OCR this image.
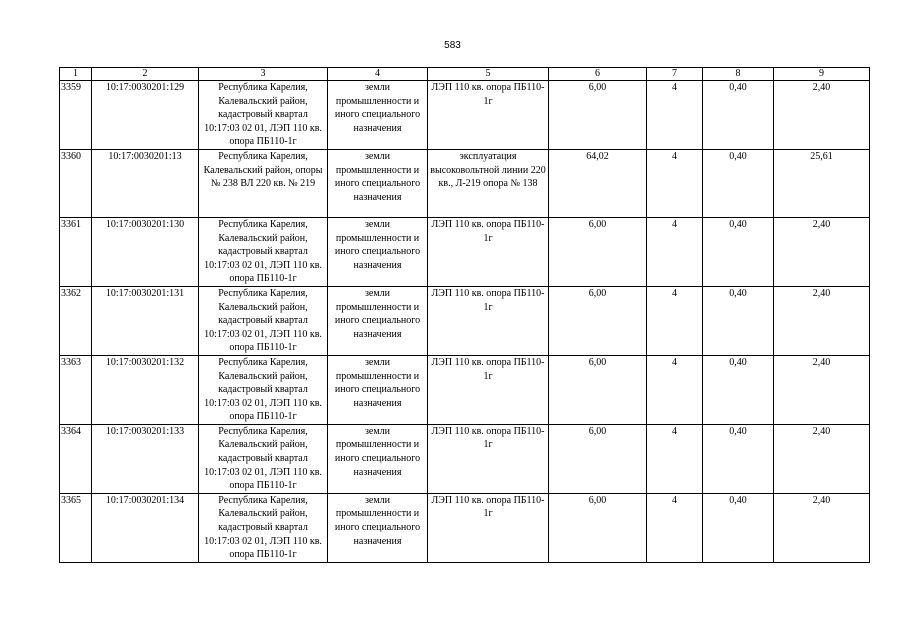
583
1	2	3	4	5	6	7	8	9
3359	10:17:0030201:129	Республика Карелия, Калевальский район, кадастровый квартал 10:17:03 02 01, ЛЭП 110 кв. опора ПБ110-1г	земли промышленности и иного специального назначения	ЛЭП 110 кв. опора ПБ110-1г	6,00	4	0,40	2,40
3360	10:17:0030201:13	Республика Карелия, Калевальский район, опоры № 238 ВЛ 220 кв. № 219	земли промышленности и иного специального назначения	эксплуатация высоковольтной линии 220 кв., Л-219 опора № 138	64,02	4	0,40	25,61
3361	10:17:0030201:130	Республика Карелия, Калевальский район, кадастровый квартал 10:17:03 02 01, ЛЭП 110 кв. опора ПБ110-1г	земли промышленности и иного специального назначения	ЛЭП 110 кв. опора ПБ110-1г	6,00	4	0,40	2,40
3362	10:17:0030201:131	Республика Карелия, Калевальский район, кадастровый квартал 10:17:03 02 01, ЛЭП 110 кв. опора ПБ110-1г	земли промышленности и иного специального назначения	ЛЭП 110 кв. опора ПБ110-1г	6,00	4	0,40	2,40
3363	10:17:0030201:132	Республика Карелия, Калевальский район, кадастровый квартал 10:17:03 02 01, ЛЭП 110 кв. опора ПБ110-1г	земли промышленности и иного специального назначения	ЛЭП 110 кв. опора ПБ110-1г	6,00	4	0,40	2,40
3364	10:17:0030201:133	Республика Карелия, Калевальский район, кадастровый квартал 10:17:03 02 01, ЛЭП 110 кв. опора ПБ110-1г	земли промышленности и иного специального назначения	ЛЭП 110 кв. опора ПБ110-1г	6,00	4	0,40	2,40
3365	10:17:0030201:134	Республика Карелия, Калевальский район, кадастровый квартал 10:17:03 02 01, ЛЭП 110 кв. опора ПБ110-1г	земли промышленности и иного специального назначения	ЛЭП 110 кв. опора ПБ110-1г	6,00	4	0,40	2,40
